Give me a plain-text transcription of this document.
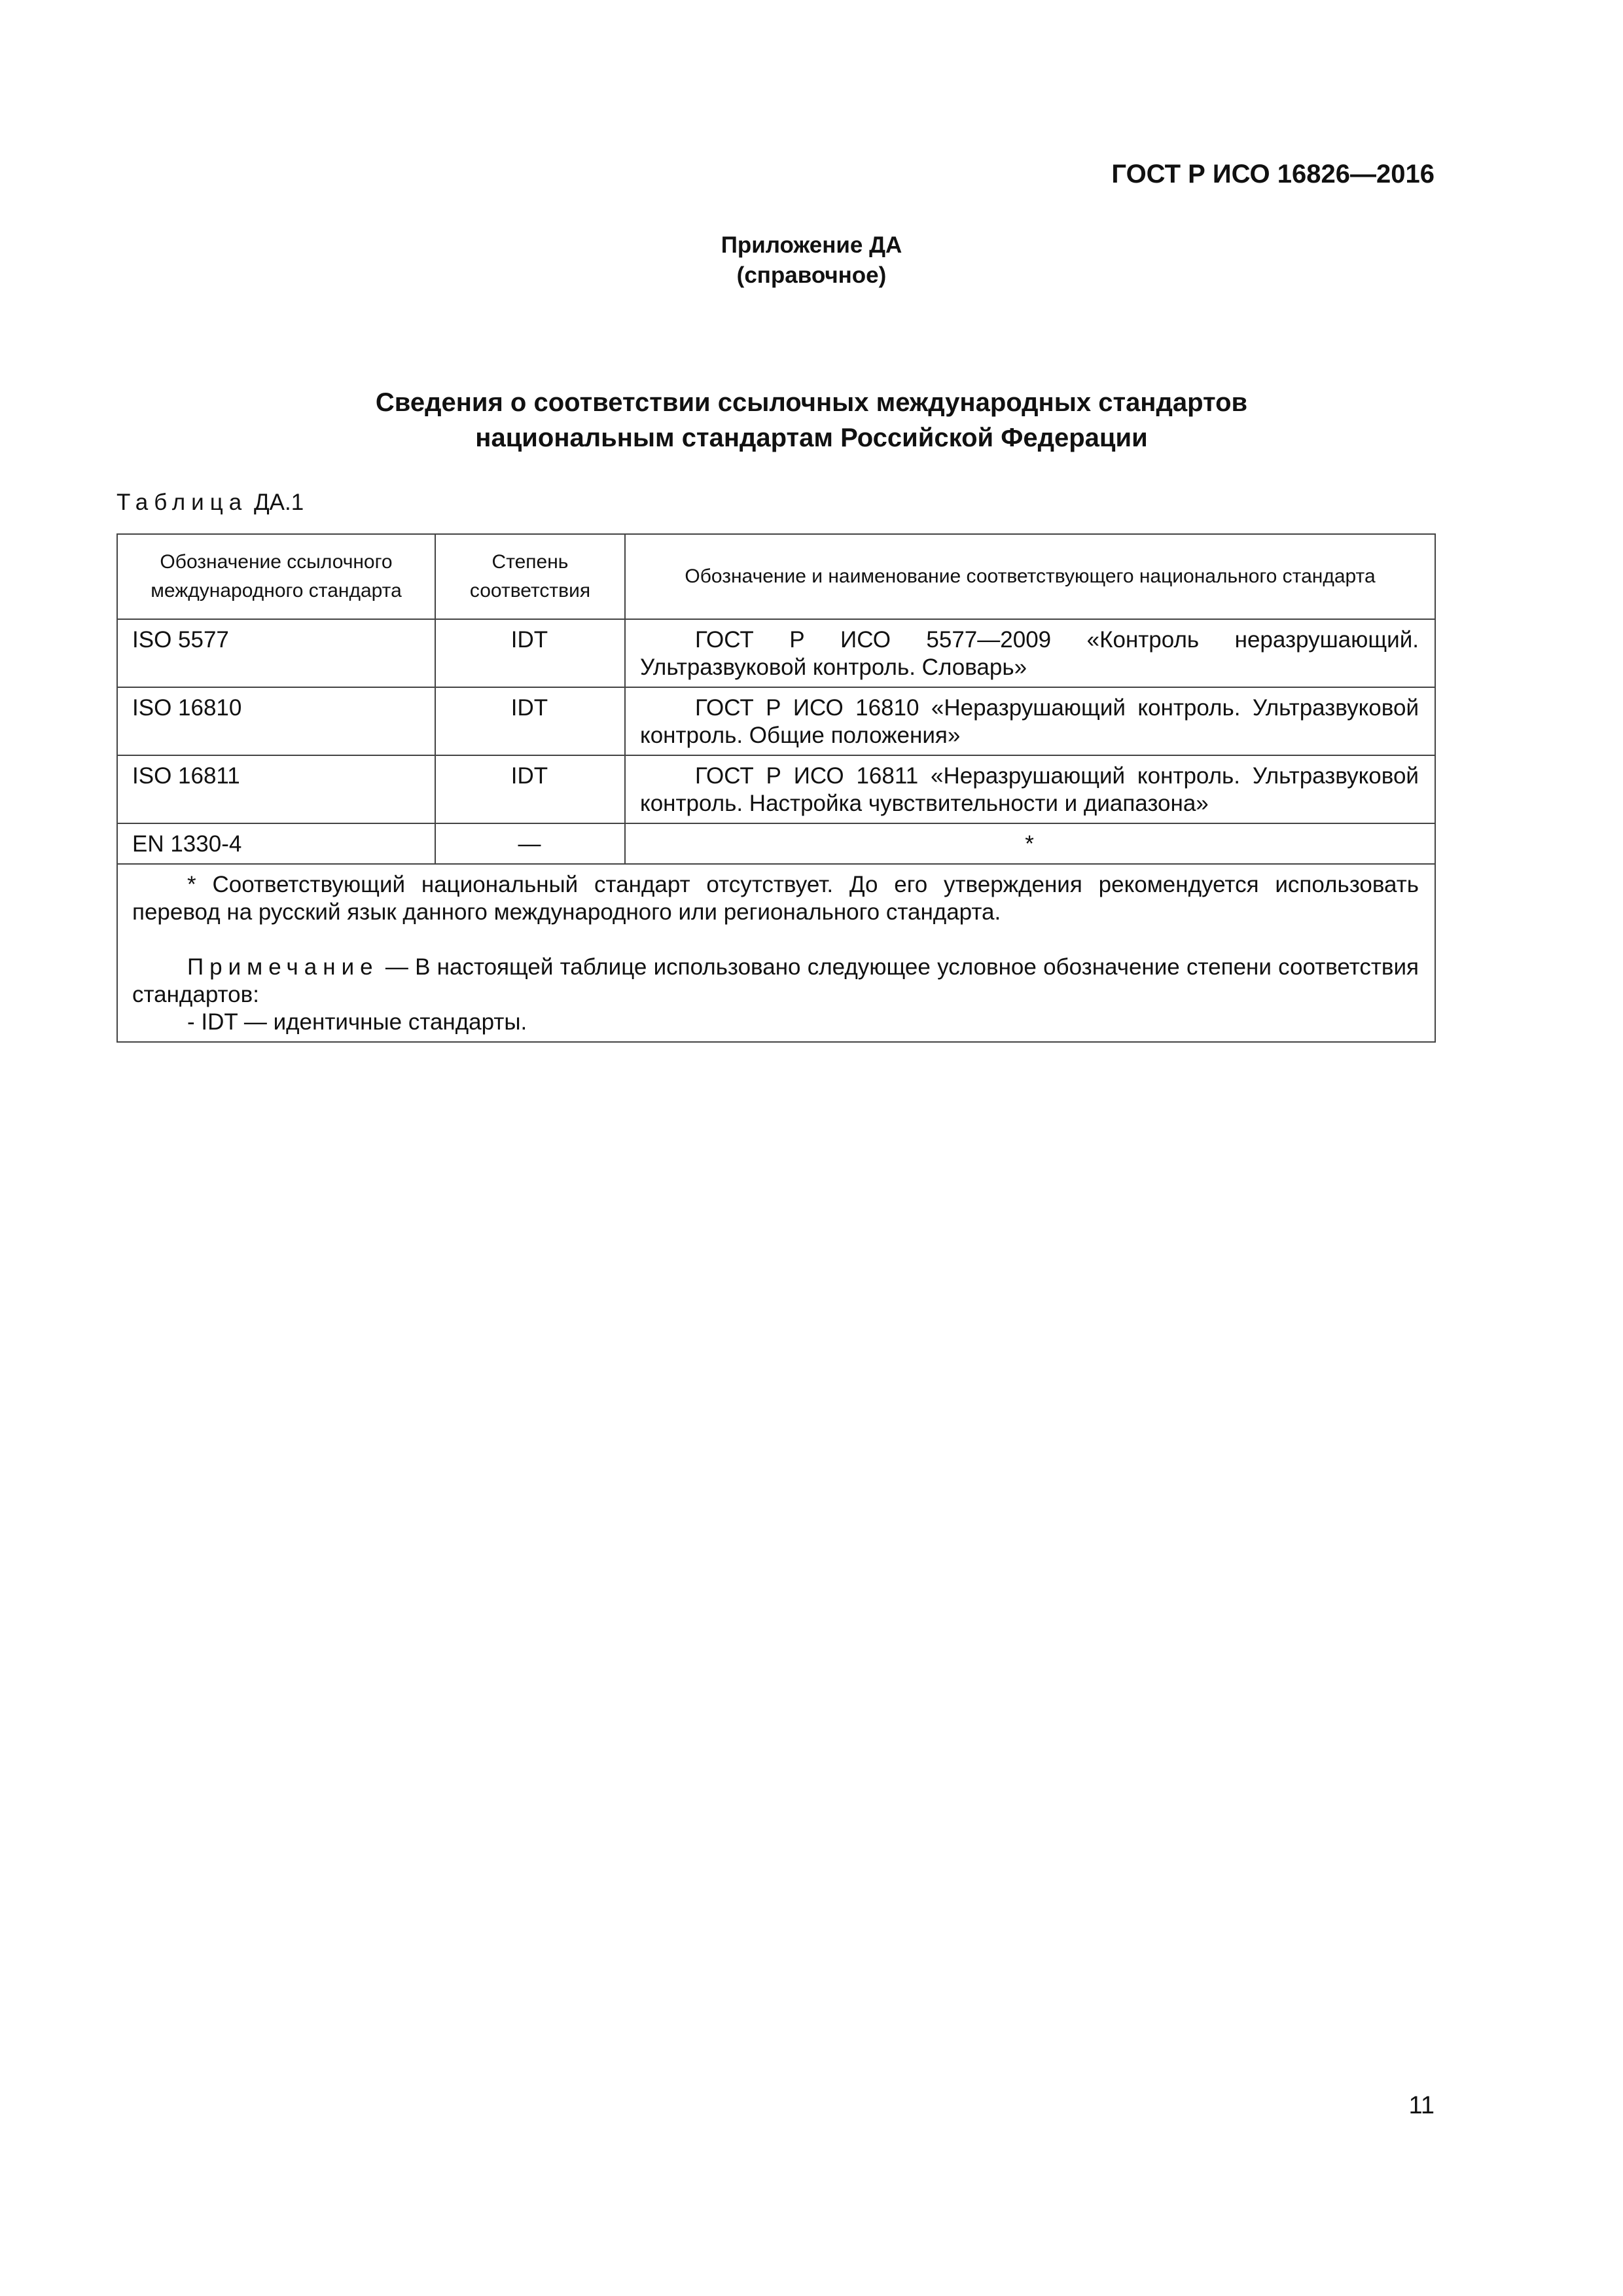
ГОСТ Р ИСО 16826—2016
Приложение ДА
(справочное)
Сведения о соответствии ссылочных международных стандартов
национальным стандартам Российской Федерации
Таблица ДА.1
Обозначение ссылочного международного стандарта	Степень соответствия	Обозначение и наименование соответствующего национального стандарта
ISO 5577	IDT	ГОСТ Р ИСО 5577—2009 «Контроль неразрушающий. Ультразвуковой контроль. Словарь»
ISO 16810	IDT	ГОСТ Р ИСО 16810 «Неразрушающий контроль. Ультразвуковой контроль. Общие положения»
ISO 16811	IDT	ГОСТ Р ИСО 16811 «Неразрушающий контроль. Ультразвуковой контроль. Настройка чувствительности и диапазона»
EN 1330-4	—	*

* Соответствующий национальный стандарт отсутствует. До его утверждения рекомендуется использовать перевод на русский язык данного международного или регионального стандарта.

Примечание — В настоящей таблице использовано следующее условное обозначение степени соответствия стандартов:

- IDT — идентичные стандарты.		

11
